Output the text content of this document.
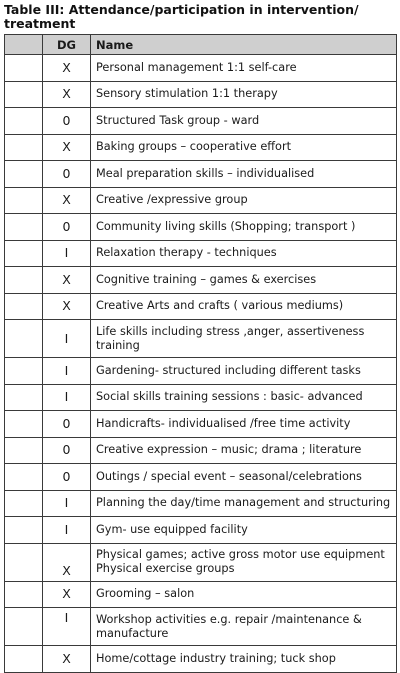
Table III: Attendance/participation in intervention/ treatment
	DG	Name
	X	Personal management 1:1 self-care
	X	Sensory stimulation 1:1 therapy
	0	Structured Task group - ward
	X	Baking groups – cooperative effort
	0	Meal preparation skills – individualised
	X	Creative /expressive group
	0	Community living skills (Shopping; transport )
	I	Relaxation therapy - techniques
	X	Cognitive training – games & exercises
	X	Creative Arts and crafts ( various mediums)
	I	Life skills including stress ,anger, assertiveness training
	I	Gardening- structured including different tasks
	I	Social skills training sessions : basic- advanced
	0	Handicrafts- individualised /free time activity
	0	Creative expression – music; drama ; literature
	0	Outings / special event – seasonal/celebrations
	I	Planning the day/time management and structuring
	I	Gym- use equipped facility
	X	Physical games; active gross motor use equipment Physical exercise groups
	X	Grooming – salon
	I	Workshop activities e.g. repair /maintenance & manufacture
	X	Home/cottage industry training; tuck shop
